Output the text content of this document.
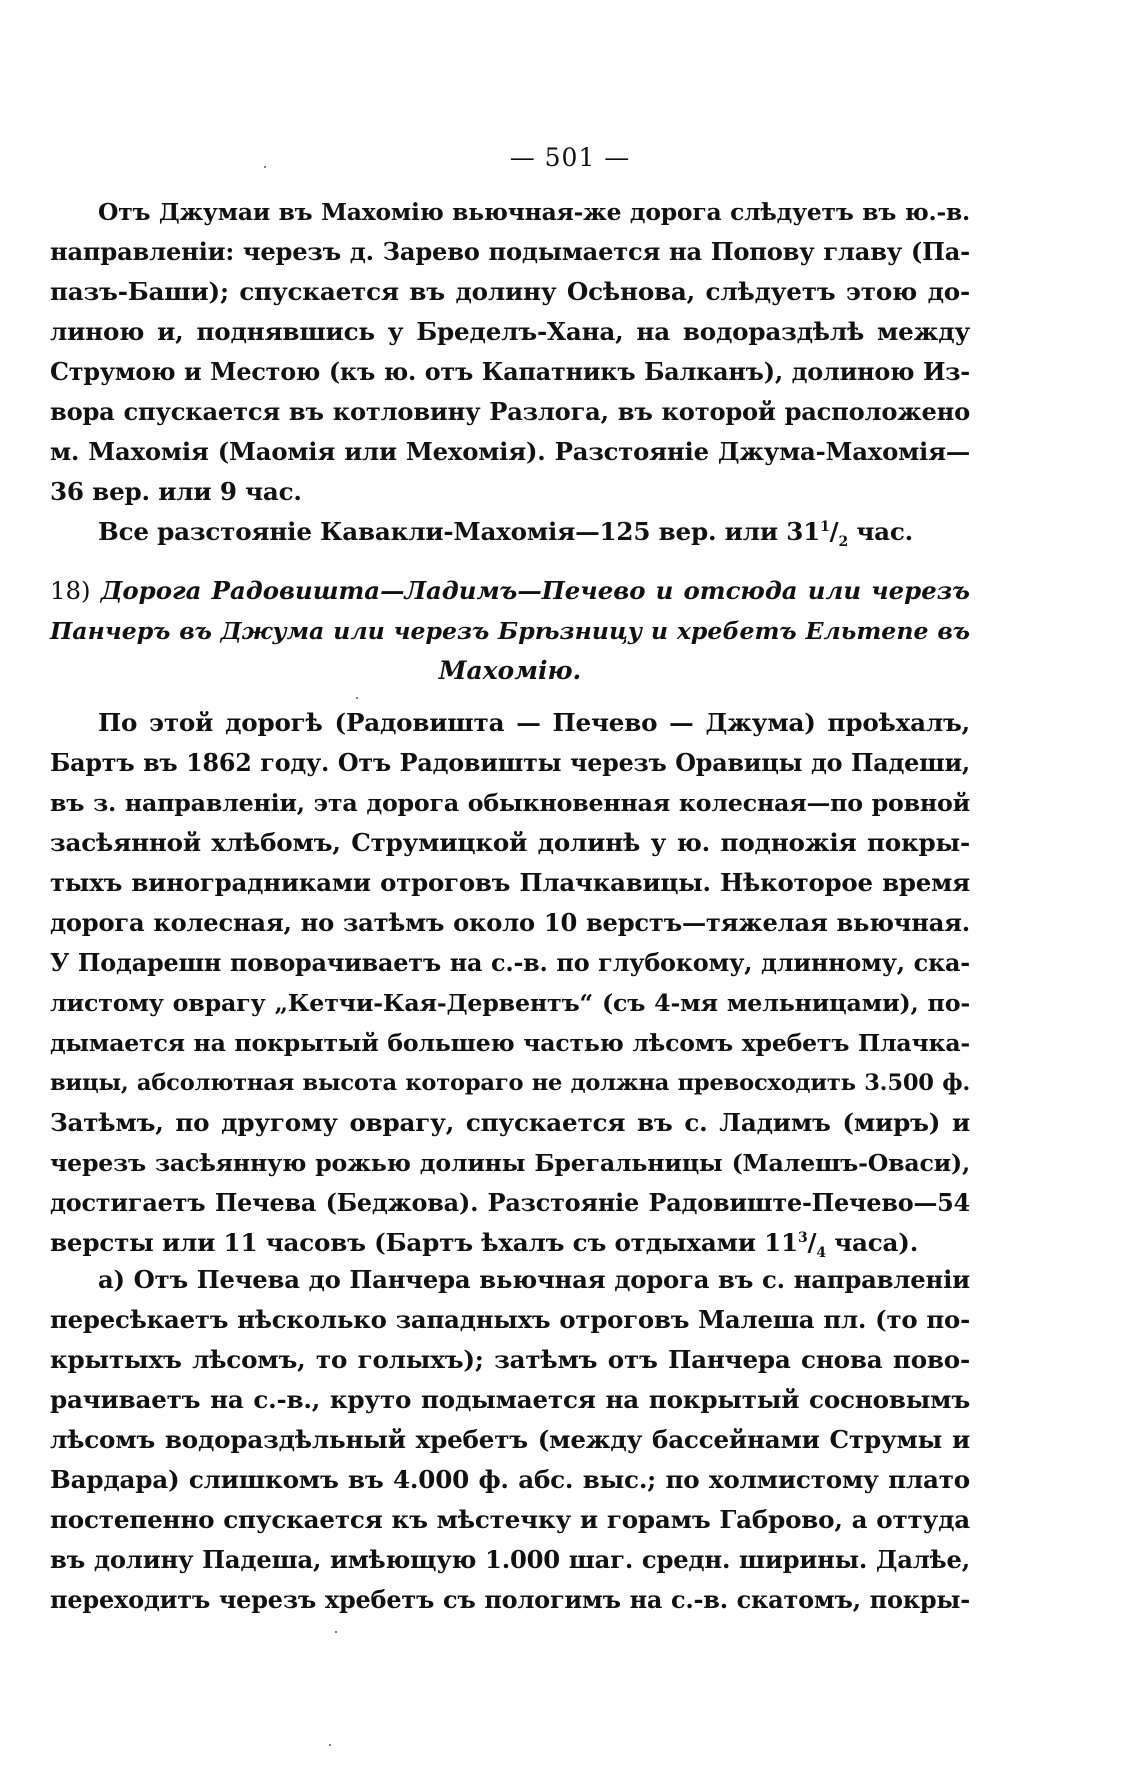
— 501 —
Отъ Джумаи въ Махомію вьючная-же дорога слѣдуетъ въ ю.-в.
направленіи: черезъ д. Зарево подымается на Попову главу (Па-
пазъ-Баши); спускается въ долину Осѣнова, слѣдуетъ этою до-
линою и, поднявшись у Бределъ-Хана, на водораздѣлѣ между
Струмою и Местою (къ ю. отъ Капатникъ Балканъ), долиною Из-
вора спускается въ котловину Разлога, въ которой расположено
м. Махомія (Маомія или Мехомія). Разстояніе Джума-Махомія—
36 вер. или 9 час.
Все разстояніе Кавакли-Махомія—125 вер. или $31^1/_2$ час.
18) Дорога Радовишта—Ладимъ—Печево и отсюда или черезъ
Панчеръ въ Джума или черезъ Брѣзницу и хребетъ Ельтепе въ
Махомію.
По этой дорогѣ (Радовишта — Печево — Джума) проѣхалъ,
Бартъ въ 1862 году. Отъ Радовишты черезъ Оравицы до Падеши,
въ з. направленіи, эта дорога обыкновенная колесная—по ровной
засѣянной хлѣбомъ, Струмицкой долинѣ у ю. подножія покры-
тыхъ виноградниками отроговъ Плачкавицы. Нѣкоторое время
дорога колесная, но затѣмъ около 10 верстъ—тяжелая вьючная.
У Подарешн поворачиваетъ на с.-в. по глубокому, длинному, ска-
листому оврагу „Кетчи-Кая-Дервентъ“ (съ 4-мя мельницами), по-
дымается на покрытый большею частью лѣсомъ хребетъ Плачка-
вицы, абсолютная высота котораго не должна превосходить 3.500 ф.
Затѣмъ, по другому оврагу, спускается въ с. Ладимъ (миръ) и
черезъ засѣянную рожью долины Брегальницы (Малешъ-Оваси),
достигаетъ Печева (Беджова). Разстояніе Радовиште-Печево—54
версты или 11 часовъ (Бартъ ѣхалъ съ отдыхами $11^3/_4$ часа).
а) Отъ Печева до Панчера вьючная дорога въ с. направленіи
пересѣкаетъ нѣсколько западныхъ отроговъ Малеша пл. (то по-
крытыхъ лѣсомъ, то голыхъ); затѣмъ отъ Панчера снова пово-
рачиваетъ на с.-в., круто подымается на покрытый сосновымъ
лѣсомъ водораздѣльный хребетъ (между бассейнами Струмы и
Вардара) слишкомъ въ 4.000 ф. абс. выс.; по холмистому плато
постепенно спускается къ мѣстечку и горамъ Габрово, а оттуда
въ долину Падеша, имѣющую 1.000 шаг. средн. ширины. Далѣе,
переходитъ черезъ хребетъ съ пологимъ на с.-в. скатомъ, покры-
